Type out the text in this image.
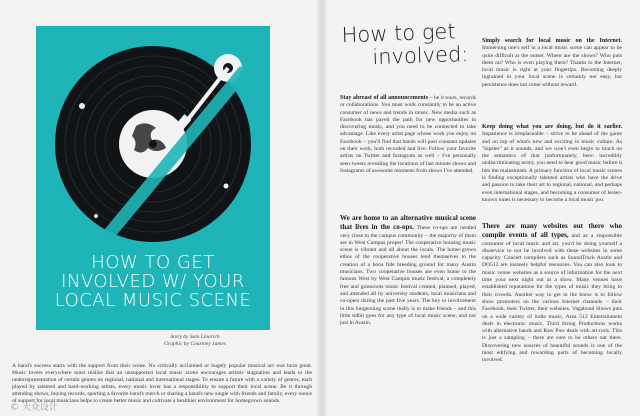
HOW TO GET
INVOLVED W/ YOUR
LOCAL MUSIC SCENE
Story by Sam Linarich
Graphic by Courtney James
A band's success starts with the support from their scene. No critically acclaimed or hugely popular musical act was born great. Music lovers everywhere must realize that an unsupported local music scene encourages artistic stagnation and leads to the underrepresentation of certain genres on regional, national and international stages. To ensure a future with a variety of genres, each played by talented and hard-working artists, every music lover has a responsibility to support their local scene. Be it through attending shows, buying records, sporting a favorite band's merch or sharing a band's new single with friends and family, every ounce of support for local musicians helps to create better music and cultivate a healthier environment for homegrown sounds.
How to get
involved:

Stay abreast of all announcements – be it tours, records or collaborations. You must work constantly to be an active consumer of news and trends in music. New media such as Facebook has paved the path for new opportunities in discovering music, and you need to be connected to take advantage. Like every artist page whose work you enjoy on Facebook – you'll find that bands will post constant updates on their work, both recorded and live. Follow your favorite artists on Twitter and Instagram as well – I've personally seen tweets revealing the locations of last minute shows and Instagrams of awesome moments from shows I've attended.

We are home to an alternative musical scene that lives in the co-ops. These co-ops are nestled very close to the campus community – the majority of them are in West Campus proper! The cooperative housing music scene is vibrant and all about the locals. The home-grown ethos of the cooperative houses lend themselves to the creation of a bona fide breeding ground for many Austin musicians. Two cooperative houses are even home to the famous West by West Campus music festival, a completely free and grassroots music festival created, planned, played, and attended all by university students, local musicians and co-opers during the past five years. The key to involvement in this burgeoning scene really is to make friends – and this little tidbit goes for any type of local music scene, and not just in Austin.

Simply search for local music on the Internet. Immersing one's self in a local music scene can appear to be quite difficult at the outset. Where are the shows? Who puts them on? Who is even playing them? Thanks to the Internet, local music is right at your fingertips. Becoming deeply ingrained in your local scene is certainly not easy, but persistence does not come without reward.

Keep doing what you are doing, but do it earlier. Impatience is irreplaceable – strive to be ahead of the game and on top of what's new and exciting in music culture. As "hipster" as it sounds, and we won't even begin to touch on the semantics of that (unfortunately, here: incredibly undiscriminating term), you need to hear good music before it hits the mainstream. A primary function of local music scenes is finding exceptionally talented artists who have the drive and passion to take their art to regional, national, and perhaps even international stages, and becoming a consumer of lesser-known tunes is necessary to become a local music pro.

There are many websites out there who compile events of all types, and as a responsible consumer of local music and art, you'd be doing yourself a disservice to not be involved with these websites in some capacity. Concert compilers such as SoundTrack Austin and DO512 are insanely helpful resources. You can also look to music venue websites as a source of information for the next time your next night out at a show. Many venues have established reputations for the types of music they bring to their crowds. Another way to get in the know is to follow show promoters on the various Internet channels – their Facebook, their Twitter, their websites. Vagabond Shows puts on a wide variety of indie music, Area 512 Entertainment deals in electronic music, Third String Productions works with alternative bands and Raw Paw deals with art-rock. This is just a sampling – there are sure to be others out there. Discovering new sources of beautiful sounds is one of the most edifying and rewarding parts of becoming locally involved.

© 大众设计
